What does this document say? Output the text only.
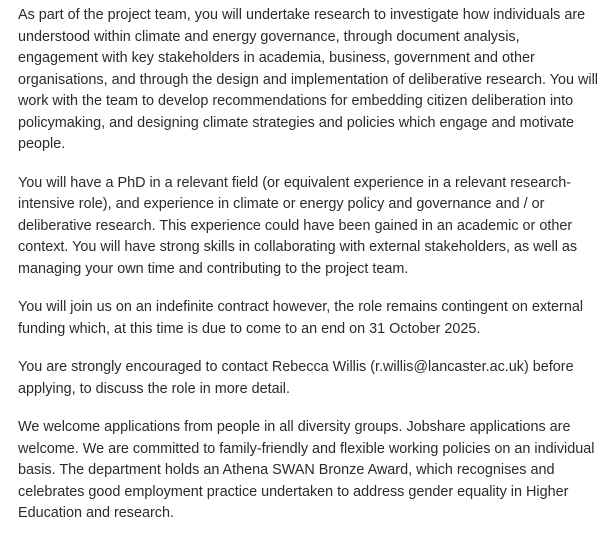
As part of the project team, you will undertake research to investigate how individuals are understood within climate and energy governance, through document analysis, engagement with key stakeholders in academia, business, government and other organisations, and through the design and implementation of deliberative research. You will work with the team to develop recommendations for embedding citizen deliberation into policymaking, and designing climate strategies and policies which engage and motivate people.

You will have a PhD in a relevant field (or equivalent experience in a relevant research-intensive role), and experience in climate or energy policy and governance and / or deliberative research. This experience could have been gained in an academic or other context. You will have strong skills in collaborating with external stakeholders, as well as managing your own time and contributing to the project team.

You will join us on an indefinite contract however, the role remains contingent on external funding which, at this time is due to come to an end on 31 October 2025.

You are strongly encouraged to contact Rebecca Willis (r.willis@lancaster.ac.uk) before applying, to discuss the role in more detail.

We welcome applications from people in all diversity groups. Jobshare applications are welcome. We are committed to family-friendly and flexible working policies on an individual basis. The department holds an Athena SWAN Bronze Award, which recognises and celebrates good employment practice undertaken to address gender equality in Higher Education and research.
